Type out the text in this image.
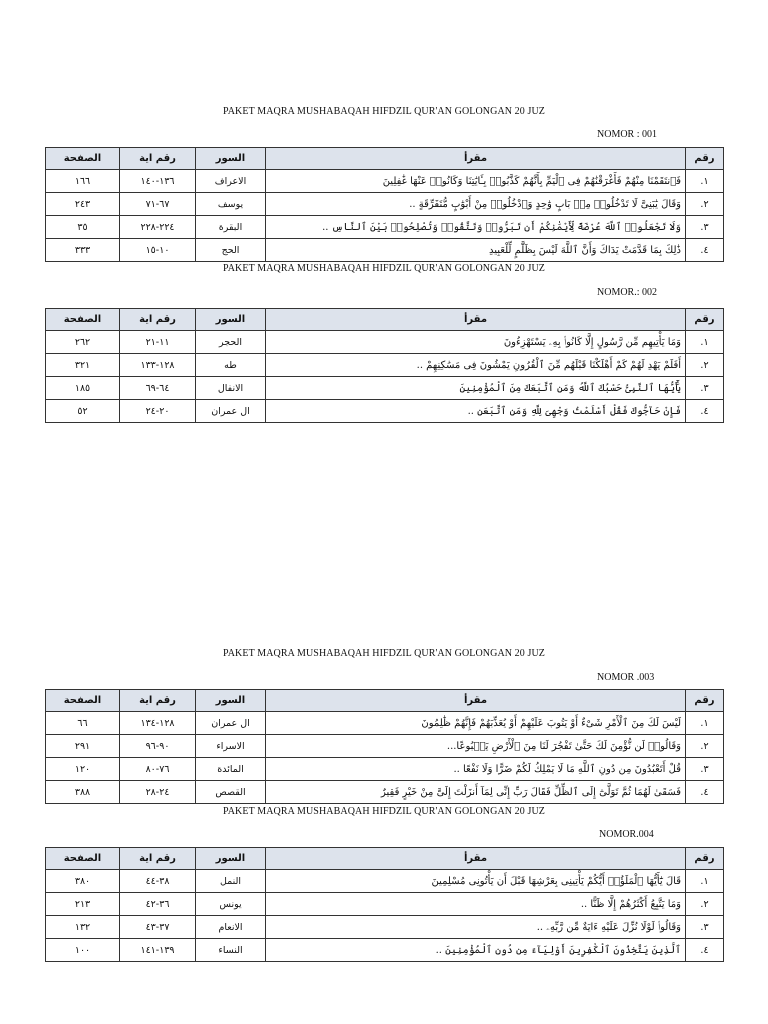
PAKET MAQRA MUSHABAQAH HIFDZIL QUR'AN GOLONGAN 20 JUZ
NOMOR : 001
رقم	مقرأ	السور	رقم اية	الصفحة
١.	فَٱنتَقَمْنَا مِنْهُمْ فَأَغْرَقْنَٰهُمْ فِى ٱلْيَمِّ بِأَنَّهُمْ كَذَّبُوا۟ بِـَٔايَٰتِنَا وَكَانُوا۟ عَنْهَا غَٰفِلِينَ	الاعراف	١٣٦-١٤٠	١٦٦
٢.	وَقَالَ يَٰبَنِىَّ لَا تَدْخُلُوا۟ مِنۢ بَابٍ وَٰحِدٍ وَٱدْخُلُوا۟ مِنْ أَبْوَٰبٍ مُّتَفَرِّقَةٍ ..	يوسف	٦٧-٧١	٢٤٣
٣.	وَلَا تَجْعَلُوا۟ ٱللَّهَ عُرْضَةً لِّأَيْمَٰنِكُمْ أَن تَبَرُّوا۟ وَتَتَّقُوا۟ وَتُصْلِحُوا۟ بَيْنَ ٱلنَّاسِ ..	البقرة	٢٢٤-٢٢٨	٣٥
٤.	ذَٰلِكَ بِمَا قَدَّمَتْ يَدَاكَ وَأَنَّ ٱللَّهَ لَيْسَ بِظَلَّٰمٍ لِّلْعَبِيدِ	الحج	١٠-١٥	٣٣٣
PAKET MAQRA MUSHABAQAH HIFDZIL QUR'AN GOLONGAN 20 JUZ
NOMOR.: 002
رقم	مقرأ	السور	رقم اية	الصفحة
١.	وَمَا يَأْتِيهِم مِّن رَّسُولٍ إِلَّا كَانُوا۟ بِهِۦ يَسْتَهْزِءُونَ	الحجر	١١-٢١	٢٦٢
٢.	أَفَلَمْ يَهْدِ لَهُمْ كَمْ أَهْلَكْنَا قَبْلَهُم مِّنَ ٱلْقُرُونِ يَمْشُونَ فِى مَسَٰكِنِهِمْ ..	طه	١٢٨-١٣٣	٣٢١
٣.	يَٰٓأَيُّهَا ٱلنَّبِىُّ حَسْبُكَ ٱللَّهُ وَمَنِ ٱتَّبَعَكَ مِنَ ٱلْمُؤْمِنِينَ	الانفال	٦٤-٦٩	١٨٥
٤.	فَإِنْ حَآجُّوكَ فَقُلْ أَسْلَمْتُ وَجْهِىَ لِلَّهِ وَمَنِ ٱتَّبَعَنِ ..	ال عمران	٢٠-٢٤	٥٢
PAKET MAQRA MUSHABAQAH HIFDZIL QUR'AN GOLONGAN 20 JUZ
NOMOR .003
رقم	مقرأ	السور	رقم اية	الصفحة
١.	لَيْسَ لَكَ مِنَ ٱلْأَمْرِ شَىْءٌ أَوْ يَتُوبَ عَلَيْهِمْ أَوْ يُعَذِّبَهُمْ فَإِنَّهُمْ ظَٰلِمُونَ	ال عمران	١٢٨-١٣٤	٦٦
٢.	وَقَالُوا۟ لَن نُّؤْمِنَ لَكَ حَتَّىٰ تَفْجُرَ لَنَا مِنَ ٱلْأَرْضِ يَنۢبُوعًا...	الاسراء	٩٠-٩٦	٢٩١
٣.	قُلْ أَتَعْبُدُونَ مِن دُونِ ٱللَّهِ مَا لَا يَمْلِكُ لَكُمْ ضَرًّا وَلَا نَفْعًا ..	المائدة	٧٦-٨٠	١٢٠
٤.	فَسَقَىٰ لَهُمَا ثُمَّ تَوَلَّىٰٓ إِلَى ٱلظِّلِّ فَقَالَ رَبِّ إِنِّى لِمَآ أَنزَلْتَ إِلَىَّ مِنْ خَيْرٍ فَقِيرٌ	القصص	٢٤-٢٨	٣٨٨
PAKET MAQRA MUSHABAQAH HIFDZIL QUR'AN GOLONGAN 20 JUZ
NOMOR.004
رقم	مقرأ	السور	رقم اية	الصفحة
١.	قَالَ يَٰٓأَيُّهَا ٱلْمَلَؤُا۟ أَيُّكُمْ يَأْتِينِى بِعَرْشِهَا قَبْلَ أَن يَأْتُونِى مُسْلِمِينَ	النمل	٣٨-٤٤	٣٨٠
٢.	وَمَا يَتَّبِعُ أَكْثَرُهُمْ إِلَّا ظَنًّا ..	يونس	٣٦-٤٢	٢١٣
٣.	وَقَالُوا۟ لَوْلَا نُزِّلَ عَلَيْهِ ءَايَةٌ مِّن رَّبِّهِۦ ..	الانعام	٣٧-٤٣	١٣٢
٤.	ٱلَّذِينَ يَتَّخِذُونَ ٱلْكَٰفِرِينَ أَوْلِيَآءَ مِن دُونِ ٱلْمُؤْمِنِينَ ..	النساء	١٣٩-١٤١	١٠٠
